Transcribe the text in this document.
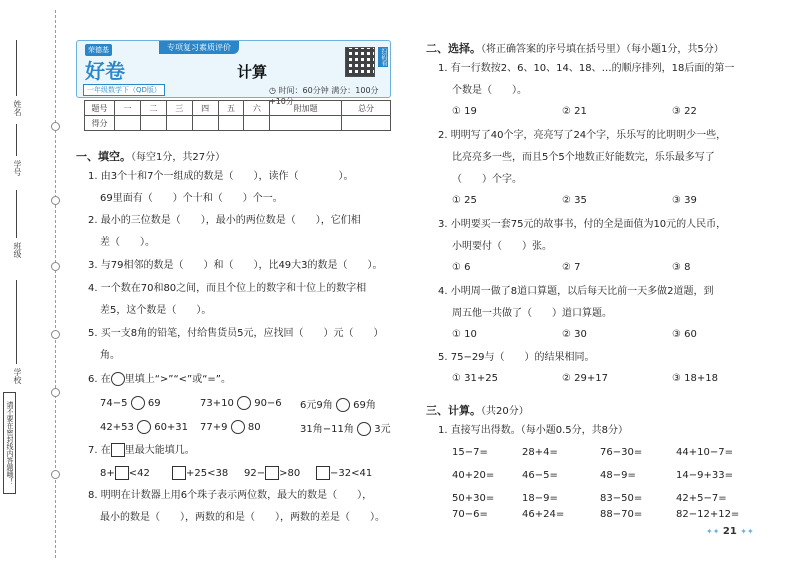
姓名
学号
班级
学校
请不要在密封线内答题哦！
荣德基
好卷
专项复习素质评价
计算
一年级数学下（QD版）	◷ 时间：60分钟 满分：100分+10分
扫码看
题号	一	二	三	四	五	六	附加题	总分
得分								
一、填空。（每空1分，共27分）
1. 由3个十和7个一组成的数是（　　），读作（　　　　）。
69里面有（　　）个十和（　　）个一。
2. 最小的三位数是（　　），最小的两位数是（　　），它们相
差（　　）。
3. 与79相邻的数是（　　）和（　　），比49大3的数是（　　）。
4. 一个数在70和80之间，而且个位上的数字和十位上的数字相
差5，这个数是（　　）。
5. 买一支8角的铅笔，付给售货员5元，应找回（　　）元（　　）
角。
6. 在 里填上“>”“<”或“=”。
74−5 69	73+10 90−6 6元9角 69角
42+53 60+31 77+9 80	31角−11角 3元
7. 在 里最大能填几。
8+ <42	+25<38 92− >80	−32<41
8. 明明在计数器上用6个珠子表示两位数，最大的数是（　　），
最小的数是（　　），两数的和是（　　），两数的差是（　　）。
二、选择。（将正确答案的序号填在括号里）（每小题1分，共5分）
1. 有一行数按2、6、10、14、18、…的顺序排列，18后面的第一
个数是（　　）。
① 19	② 21	③ 22
2. 明明写了40个字，亮亮写了24个字，乐乐写的比明明少一些，
比亮亮多一些，而且5个5个地数正好能数完，乐乐最多写了
（　　）个字。
① 25	② 35	③ 39
3. 小明要买一套75元的故事书，付的全是面值为10元的人民币，
小明要付（　　）张。
① 6	② 7	③ 8
4. 小明周一做了8道口算题，以后每天比前一天多做2道题，到
周五他一共做了（　　）道口算题。
① 10	② 30	③ 60
5. 75−29与（　　）的结果相同。
① 31+25	② 29+17	③ 18+18
三、计算。（共20分）
1. 直接写出得数。（每小题0.5分，共8分）
15−7=	28+4=	76−30=	44+10−7=
40+20=	46−5=	48−9=	14−9+33=
50+30=	18−9=	83−50=	42+5−7=
70−6=	46+24=	88−70=	82−12+12=
✦✦ 21 ✦✦
